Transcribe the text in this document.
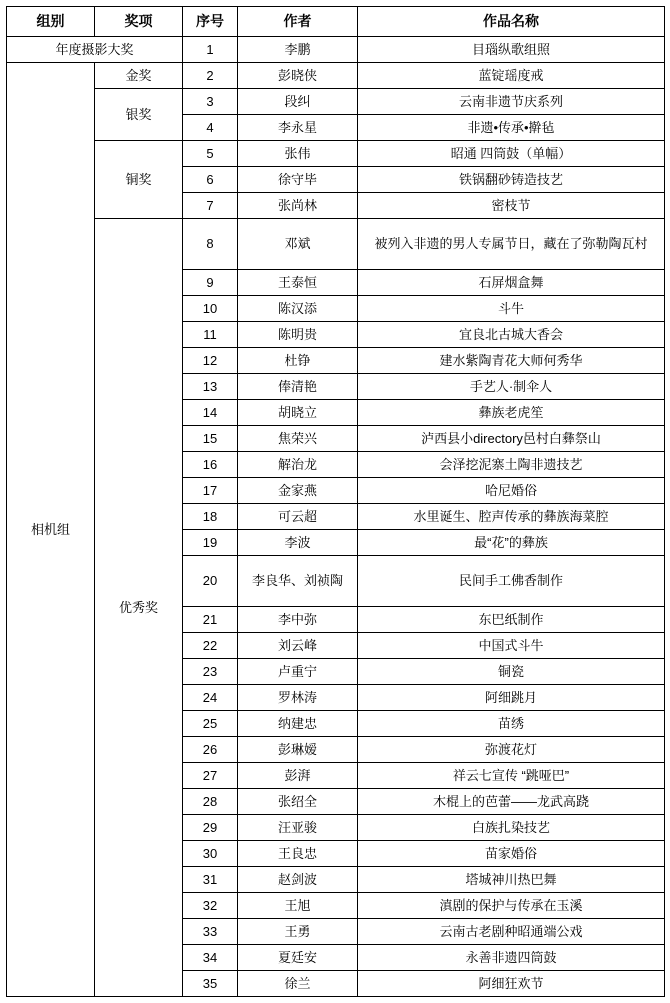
组别	奖项	序号	作者	作品名称
年度摄影大奖		1	李鹏	目瑙纵歌组照
相机组	金奖	2	彭晓侠	蓝锭瑶度戒
	银奖	3	段纠	云南非遗节庆系列
		4	李永星	非遗•传承•擀毡
	铜奖	5	张伟	昭通 四筒鼓（单幅）
		6	徐守毕	铁锅翻砂铸造技艺
		7	张尚林	密枝节
	优秀奖	8	邓斌	被列入非遗的男人专属节日，藏在了弥勒陶瓦村
		9	王泰恒	石屏烟盒舞
		10	陈汉添	斗牛
		11	陈明贵	宜良北古城大香会
		12	杜铮	建水紫陶青花大师何秀华
		13	俸清艳	手艺人·制伞人
		14	胡晓立	彝族老虎笙
		15	焦荣兴	泸西县小directory邑村白彝祭山
		16	解治龙	会泽挖泥寨土陶非遗技艺
		17	金家燕	哈尼婚俗
		18	可云超	水里诞生、腔声传承的彝族海菜腔
		19	李波	最“花”的彝族
		20	李良华、刘祯陶	民间手工佛香制作
		21	李中弥	东巴纸制作
		22	刘云峰	中国式斗牛
		23	卢重宁	铜瓷
		24	罗林涛	阿细跳月
		25	纳建忠	苗绣
		26	彭琳嫒	弥渡花灯
		27	彭湃	祥云七宣传 “跳哑巴”
		28	张绍全	木棍上的芭蕾——龙武高跷
		29	汪亚骏	白族扎染技艺
		30	王良忠	苗家婚俗
		31	赵剑波	塔城神川热巴舞
		32	王旭	滇剧的保护与传承在玉溪
		33	王勇	云南古老剧种昭通端公戏
		34	夏廷安	永善非遗四筒鼓
		35	徐兰	阿细狂欢节
